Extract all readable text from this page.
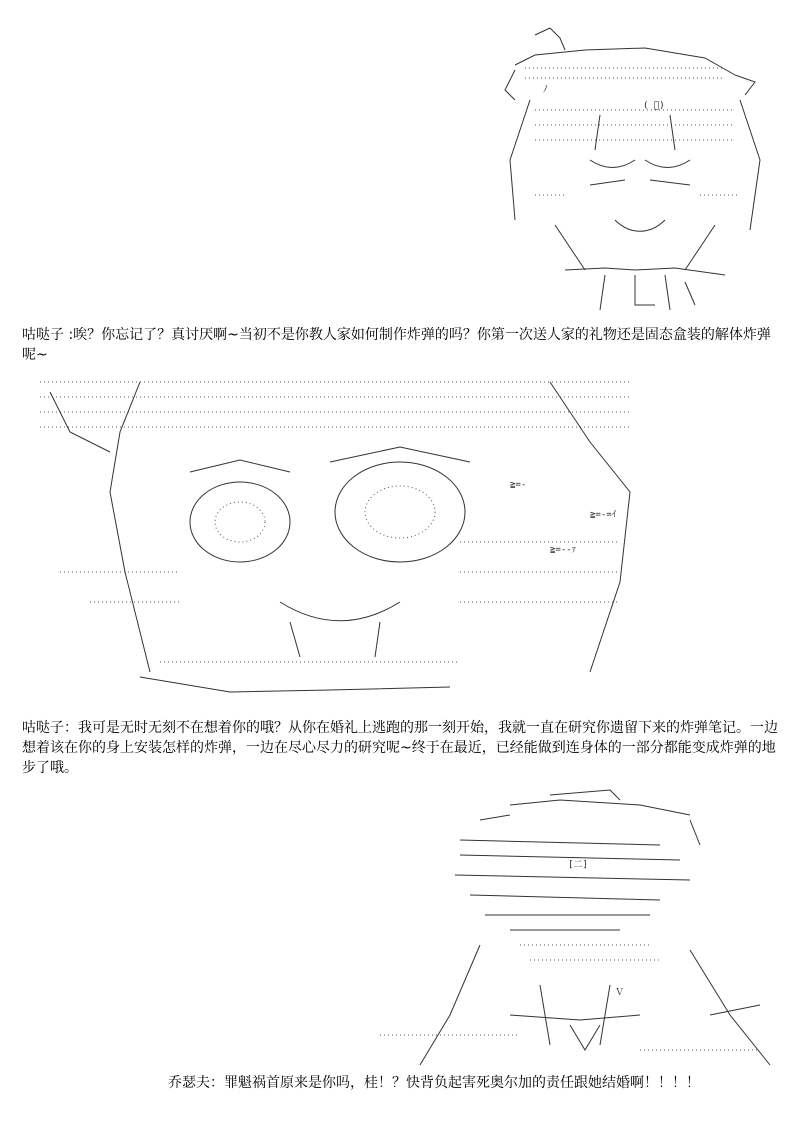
ﾉ
( ﾟ)
咕哒子 :唉？你忘记了？真讨厌啊~当初不是你教人家如何制作炸弹的吗？你第一次送人家的礼物还是固态盒装的解体炸弹呢~
≧=-
≧=-=ｲ
≧=--ｧ
咕哒子：我可是无时无刻不在想着你的哦？从你在婚礼上逃跑的那一刻开始，我就一直在研究你遗留下来的炸弹笔记。一边想着该在你的身上安装怎样的炸弹，一边在尽心尽力的研究呢~终于在最近，已经能做到连身体的一部分都能变成炸弹的地步了哦。
[二]
Ｖ
乔瑟夫：罪魁祸首原来是你吗，桂！？快背负起害死奥尔加的责任跟她结婚啊！！！！
